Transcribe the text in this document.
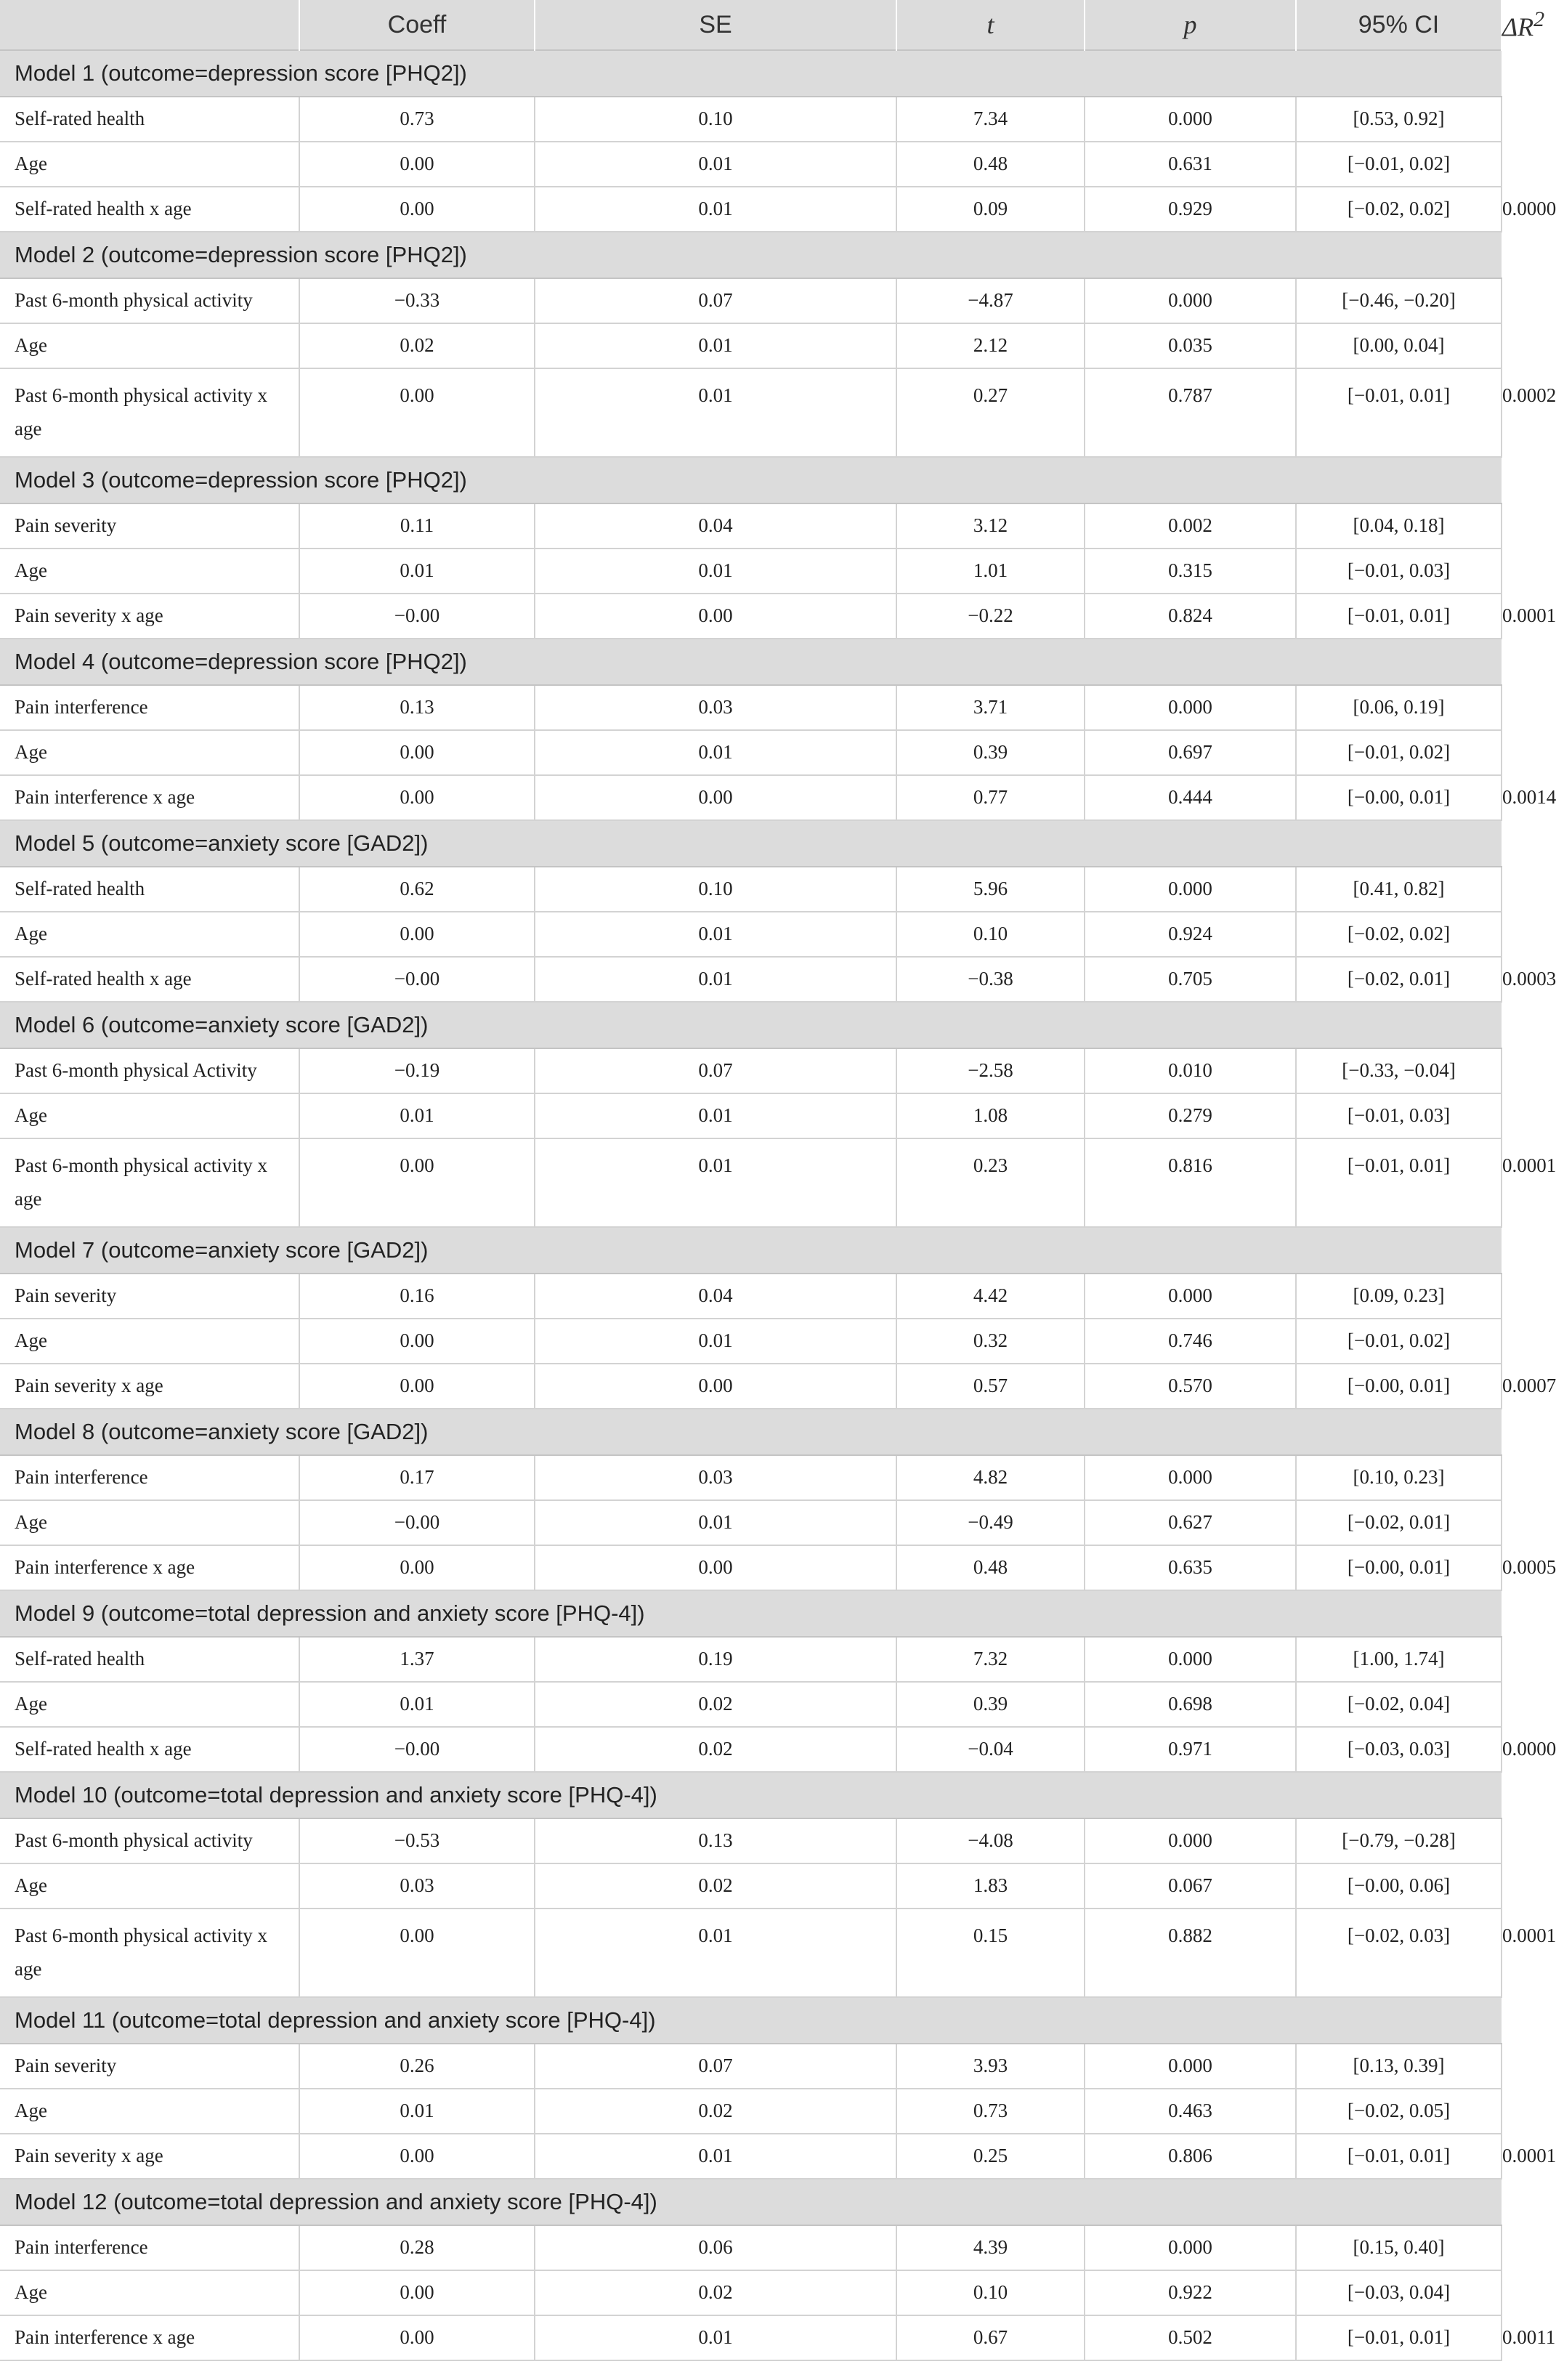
	Coeff	SE	t	p	95% CI	$\Delta R^2$
Model 1 (outcome=depression score [PHQ2])						
Self-rated health	0.73	0.10	7.34	0.000	[0.53, 0.92]	
Age	0.00	0.01	0.48	0.631	[−0.01, 0.02]	
Self-rated health x age	0.00	0.01	0.09	0.929	[−0.02, 0.02]	0.0000
Model 2 (outcome=depression score [PHQ2])						
Past 6-month physical activity	−0.33	0.07	−4.87	0.000	[−0.46, −0.20]	
Age	0.02	0.01	2.12	0.035	[0.00, 0.04]	
Past 6-month physical activity x age	0.00	0.01	0.27	0.787	[−0.01, 0.01]	0.0002
Model 3 (outcome=depression score [PHQ2])						
Pain severity	0.11	0.04	3.12	0.002	[0.04, 0.18]	
Age	0.01	0.01	1.01	0.315	[−0.01, 0.03]	
Pain severity x age	−0.00	0.00	−0.22	0.824	[−0.01, 0.01]	0.0001
Model 4 (outcome=depression score [PHQ2])						
Pain interference	0.13	0.03	3.71	0.000	[0.06, 0.19]	
Age	0.00	0.01	0.39	0.697	[−0.01, 0.02]	
Pain interference x age	0.00	0.00	0.77	0.444	[−0.00, 0.01]	0.0014
Model 5 (outcome=anxiety score [GAD2])						
Self-rated health	0.62	0.10	5.96	0.000	[0.41, 0.82]	
Age	0.00	0.01	0.10	0.924	[−0.02, 0.02]	
Self-rated health x age	−0.00	0.01	−0.38	0.705	[−0.02, 0.01]	0.0003
Model 6 (outcome=anxiety score [GAD2])						
Past 6-month physical Activity	−0.19	0.07	−2.58	0.010	[−0.33, −0.04]	
Age	0.01	0.01	1.08	0.279	[−0.01, 0.03]	
Past 6-month physical activity x age	0.00	0.01	0.23	0.816	[−0.01, 0.01]	0.0001
Model 7 (outcome=anxiety score [GAD2])						
Pain severity	0.16	0.04	4.42	0.000	[0.09, 0.23]	
Age	0.00	0.01	0.32	0.746	[−0.01, 0.02]	
Pain severity x age	0.00	0.00	0.57	0.570	[−0.00, 0.01]	0.0007
Model 8 (outcome=anxiety score [GAD2])						
Pain interference	0.17	0.03	4.82	0.000	[0.10, 0.23]	
Age	−0.00	0.01	−0.49	0.627	[−0.02, 0.01]	
Pain interference x age	0.00	0.00	0.48	0.635	[−0.00, 0.01]	0.0005
Model 9 (outcome=total depression and anxiety score [PHQ-4])						
Self-rated health	1.37	0.19	7.32	0.000	[1.00, 1.74]	
Age	0.01	0.02	0.39	0.698	[−0.02, 0.04]	
Self-rated health x age	−0.00	0.02	−0.04	0.971	[−0.03, 0.03]	0.0000
Model 10 (outcome=total depression and anxiety score [PHQ-4])						
Past 6-month physical activity	−0.53	0.13	−4.08	0.000	[−0.79, −0.28]	
Age	0.03	0.02	1.83	0.067	[−0.00, 0.06]	
Past 6-month physical activity x age	0.00	0.01	0.15	0.882	[−0.02, 0.03]	0.0001
Model 11 (outcome=total depression and anxiety score [PHQ-4])						
Pain severity	0.26	0.07	3.93	0.000	[0.13, 0.39]	
Age	0.01	0.02	0.73	0.463	[−0.02, 0.05]	
Pain severity x age	0.00	0.01	0.25	0.806	[−0.01, 0.01]	0.0001
Model 12 (outcome=total depression and anxiety score [PHQ-4])						
Pain interference	0.28	0.06	4.39	0.000	[0.15, 0.40]	
Age	0.00	0.02	0.10	0.922	[−0.03, 0.04]	
Pain interference x age	0.00	0.01	0.67	0.502	[−0.01, 0.01]	0.0011
